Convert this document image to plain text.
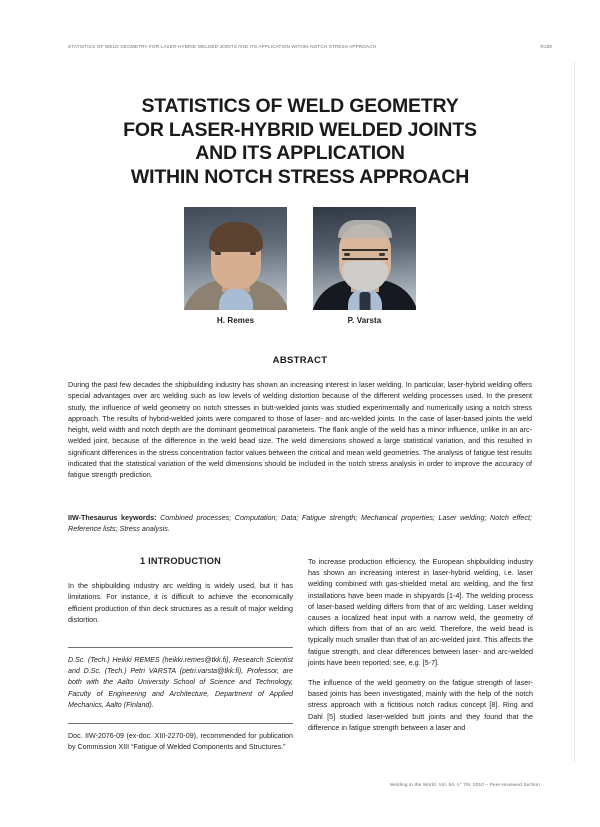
STATISTICS OF WELD GEOMETRY FOR LASER-HYBRID WELDED JOINTS AND ITS APPLICATION WITHIN NOTCH STRESS APPROACH	R189
STATISTICS OF WELD GEOMETRY
FOR LASER-HYBRID WELDED JOINTS
AND ITS APPLICATION
WITHIN NOTCH STRESS APPROACH
H. Remes	P. Varsta
ABSTRACT
During the past few decades the shipbuilding industry has shown an increasing interest in laser welding. In particular, laser-hybrid welding offers special advantages over arc welding such as low levels of welding distortion because of the different welding processes used. In the present study, the influence of weld geometry on notch stresses in butt-welded joints was studied experimentally and numerically using a notch stress approach. The results of hybrid-welded joints were compared to those of laser- and arc-welded joints. In the case of laser-based joints the weld height, weld width and notch depth are the dominant geometrical parameters. The flank angle of the weld has a minor influence, unlike in an arc-welded joint, because of the difference in the weld bead size. The weld dimensions showed a large statistical variation, and this resulted in significant differences in the stress concentration factor values between the critical and mean weld geometries. The analysis of fatigue test results indicated that the statistical variation of the weld dimensions should be included in the notch stress analysis in order to improve the accuracy of fatigue strength prediction.
IIW-Thesaurus keywords: Combined processes; Computation; Data; Fatigue strength; Mechanical properties; Laser welding; Notch effect; Reference lists; Stress analysis.
1 INTRODUCTION

In the shipbuilding industry arc welding is widely used, but it has limitations. For instance, it is difficult to achieve the economically efficient production of thin deck structures as a result of major welding distortion.

D.Sc. (Tech.) Heikki REMES (heikki.remes@tkk.fi), Research Scientist and D.Sc. (Tech.) Petri VARSTA (petri.varsta@tkk.fi), Professor, are both with the Aalto University School of Science and Technology, Faculty of Engineering and Architecture, Department of Applied Mechanics, Aalto (Finland).
Doc. IIW-2076-09 (ex-doc. XIII-2270-09), recommended for publication by Commission XIII “Fatigue of Welded Components and Structures.”

To increase production efficiency, the European shipbuilding industry has shown an increasing interest in laser-hybrid welding, i.e. laser welding combined with gas-shielded metal arc welding, and the first installations have been made in shipyards [1-4]. The welding process of laser-based welding differs from that of arc welding. Laser welding causes a localized heat input with a narrow weld, the geometry of which differs from that of an arc weld. Therefore, the weld bead is typically much smaller than that of an arc-welded joint. This affects the fatigue strength, and clear differences between laser- and arc-welded joints have been reported; see, e.g. [5-7].

The influence of the weld geometry on the fatigue strength of laser-based joints has been investigated, mainly with the help of the notch stress approach with a fictitious notch radius concept [8]. Ring and Dahl [5] studied laser-welded butt joints and they found that the difference in fatigue strength between a laser and

Welding in the World, Vol. 54, n° 7/8, 2010 – Peer-reviewed Section
